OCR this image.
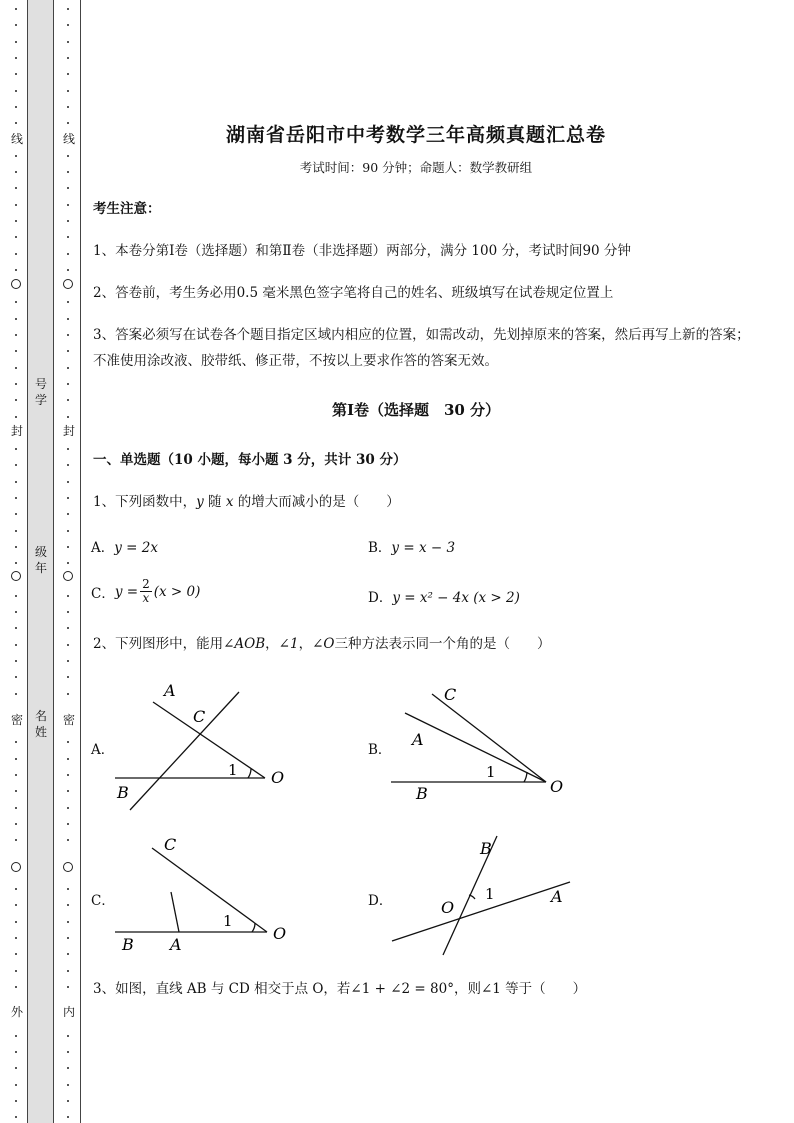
线
封
密
外
线
封
密
内
号学
级年
名姓
湖南省岳阳市中考数学三年高频真题汇总卷
考试时间：90 分钟；命题人：数学教研组
考生注意：
1、本卷分第Ⅰ卷（选择题）和第Ⅱ卷（非选择题）两部分，满分 100 分，考试时间90 分钟
2、答卷前，考生务必用0.5 毫米黑色签字笔将自己的姓名、班级填写在试卷规定位置上
3、答案必须写在试卷各个题目指定区域内相应的位置，如需改动，先划掉原来的答案，然后再写上新的答案；不准使用涂改液、胶带纸、修正带，不按以上要求作答的答案无效。
第Ⅰ卷（选择题　30 分）
一、单选题（10 小题，每小题 3 分，共计 30 分）
1、下列函数中，y 随 x 的增大而减小的是（　　）
A．y = 2x	B．y = x − 3
C． $y = \frac{2}{x} (x > 0)$	D．y = x² − 4x (x > 2)
2、下列图形中，能用∠AOB，∠1，∠O三种方法表示同一个角的是（　　）
A．	B．
C．	D．
A
C
B
O
1
C
A
B	O
1
C
B A
O
1
B
O
A
1
3、如图，直线 AB 与 CD 相交于点 O，若∠1 + ∠2 = 80°，则∠1 等于（　　）
